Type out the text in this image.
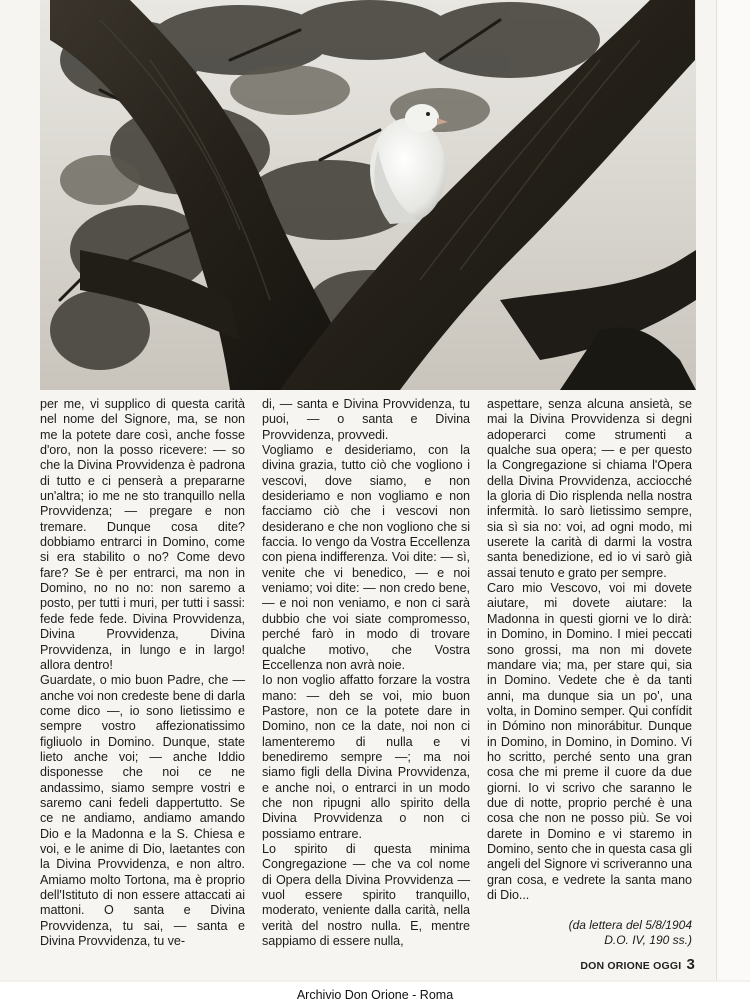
per me, vi supplico di questa carità nel nome del Signore, ma, se non me la potete dare così, anche fosse d'oro, non la posso ricevere: — so che la Divina Provvidenza è padrona di tutto e ci penserà a prepararne un'altra; io me ne sto tranquillo nella Provvidenza; — pregare e non tremare. Dunque cosa dite? dobbiamo entrarci in Domino, come si era stabilito o no? Come devo fare? Se è per entrarci, ma non in Domino, no no no: non saremo a posto, per tutti i muri, per tutti i sassi: fede fede fede. Divina Provvidenza, Divina Provvidenza, Divina Provvidenza, in lungo e in largo! allora dentro!

Guardate, o mio buon Padre, che — anche voi non credeste bene di darla come dico —, io sono lietissimo e sempre vostro affezionatissimo figliuolo in Domino. Dunque, state lieto anche voi; — anche Iddio disponesse che noi ce ne andassimo, siamo sempre vostri e saremo cani fedeli dappertutto. Se ce ne andiamo, andiamo amando Dio e la Madonna e la S. Chiesa e voi, e le anime di Dio, laetantes con la Divina Provvidenza, e non altro. Amiamo molto Tortona, ma è proprio dell'Istituto di non essere attaccati ai mattoni. O santa e Divina Provvidenza, tu sai, — santa e Divina Provvidenza, tu ve-

di, — santa e Divina Provvidenza, tu puoi, — o santa e Divina Provvidenza, provvedi.

Vogliamo e desideriamo, con la divina grazia, tutto ciò che vogliono i vescovi, dove siamo, e non desideriamo e non vogliamo e non facciamo ciò che i vescovi non desiderano e che non vogliono che si faccia. Io vengo da Vostra Eccellenza con piena indifferenza. Voi dite: — sì, venite che vi benedico, — e noi veniamo; voi dite: — non credo bene, — e noi non veniamo, e non ci sarà dubbio che voi siate compromesso, perché farò in modo di trovare qualche motivo, che Vostra Eccellenza non avrà noie.

Io non voglio affatto forzare la vostra mano: — deh se voi, mio buon Pastore, non ce la potete dare in Domino, non ce la date, noi non ci lamenteremo di nulla e vi benediremo sempre —; ma noi siamo figli della Divina Provvidenza, e anche noi, o entrarci in un modo che non ripugni allo spirito della Divina Provvidenza o non ci possiamo entrare.

Lo spirito di questa minima Congregazione — che va col nome di Opera della Divina Provvidenza — vuol essere spirito tranquillo, moderato, veniente dalla carità, nella verità del nostro nulla. E, mentre sappiamo di essere nulla,

aspettare, senza alcuna ansietà, se mai la Divina Provvidenza si degni adoperarci come strumenti a qualche sua opera; — e per questo la Congregazione si chiama l'Opera della Divina Provvidenza, acciocché la gloria di Dio risplenda nella nostra infermità. Io sarò lietissimo sempre, sia sì sia no: voi, ad ogni modo, mi userete la carità di darmi la vostra santa benedizione, ed io vi sarò già assai tenuto e grato per sempre.

Caro mio Vescovo, voi mi dovete aiutare, mi dovete aiutare: la Madonna in questi giorni ve lo dirà: in Domino, in Domino. I miei peccati sono grossi, ma non mi dovete mandare via; ma, per stare qui, sia in Domino. Vedete che è da tanti anni, ma dunque sia un po', una volta, in Domino semper. Qui confídit in Dómino non minorábitur. Dunque in Domino, in Domino, in Domino. Vi ho scritto, perché sento una gran cosa che mi preme il cuore da due giorni. Io vi scrivo che saranno le due di notte, proprio perché è una cosa che non ne posso più. Se voi darete in Domino e vi staremo in Domino, sento che in questa casa gli angeli del Signore vi scriveranno una gran cosa, e vedrete la santa mano di Dio...

(da lettera del 5/8/1904
D.O. IV, 190 ss.)
DON ORIONE OGGI 3
Archivio Don Orione - Roma
